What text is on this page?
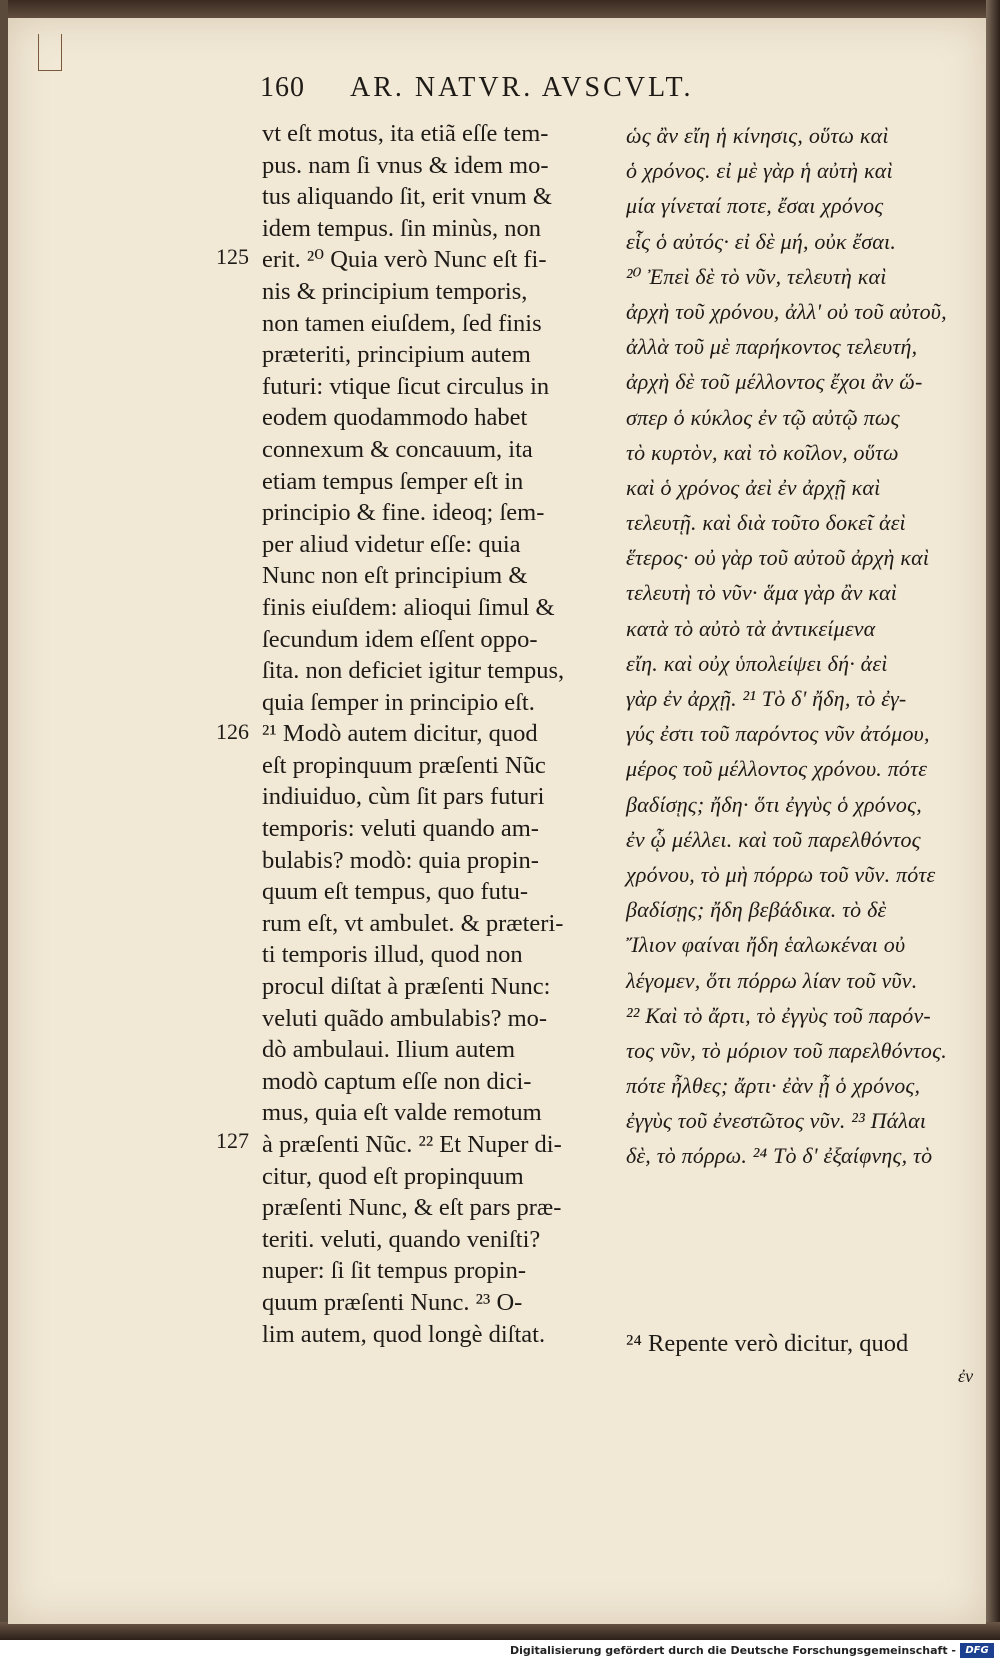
160 AR. NATVR. AVSCVLT.
vt eſt motus, ita etiã eſſe tem-
pus. nam ſi vnus & idem mo-
tus aliquando ſit, erit vnum &
idem tempus. ſin minùs, non
erit. ²⁰ Quia verò Nunc eſt fi-
nis & principium temporis,
non tamen eiuſdem, ſed finis
præteriti, principium autem
futuri: vtique ſicut circulus in
eodem quodammodo habet
connexum & concauum, ita
etiam tempus ſemper eſt in
principio & fine. ideoq; ſem-
per aliud videtur eſſe: quia
Nunc non eſt principium &
finis eiuſdem: alioqui ſimul &
ſecundum idem eſſent oppo-
ſita. non deficiet igitur tempus,
quia ſemper in principio eſt.
²¹ Modò autem dicitur, quod
eſt propinquum præſenti Nũc
indiuiduo, cùm ſit pars futuri
temporis: veluti quando am-
bulabis? modò: quia propin-
quum eſt tempus, quo futu-
rum eſt, vt ambulet. & præteri-
ti temporis illud, quod non
procul diſtat à præſenti Nunc:
veluti quãdo ambulabis? mo-
dò ambulaui. Ilium autem
modò captum eſſe non dici-
mus, quia eſt valde remotum
à præſenti Nũc. ²² Et Nuper di-
citur, quod eſt propinquum
præſenti Nunc, & eſt pars præ-
teriti. veluti, quando veniſti?
nuper: ſi ſit tempus propin-
quum præſenti Nunc. ²³ O-
lim autem, quod longè diſtat.
125
126
127
ὡς ἂν εἴη ἡ κίνησις, οὕτω καὶ
ὁ χρόνος. εἰ μὲ γὰρ ἡ αὐτὴ καὶ
μία γίνεταί ποτε, ἔσαι χρόνος
εἷς ὁ αὐτός· εἰ δὲ μή, οὐκ ἔσαι.
²⁰ Ἐπεὶ δὲ τὸ νῦν, τελευτὴ καὶ
ἀρχὴ τοῦ χρόνου, ἀλλ' οὐ τοῦ αὐτοῦ,
ἀλλὰ τοῦ μὲ παρήκοντος τελευτή,
ἀρχὴ δὲ τοῦ μέλλοντος ἔχοι ἂν ὥ-
σπερ ὁ κύκλος ἐν τῷ αὐτῷ πως
τὸ κυρτὸν, καὶ τὸ κοῖλον, οὕτω
καὶ ὁ χρόνος ἀεὶ ἐν ἀρχῇ καὶ
τελευτῇ. καὶ διὰ τοῦτο δοκεῖ ἀεὶ
ἕτερος· οὐ γὰρ τοῦ αὐτοῦ ἀρχὴ καὶ
τελευτὴ τὸ νῦν· ἅμα γὰρ ἂν καὶ
κατὰ τὸ αὐτὸ τὰ ἀντικείμενα
εἴη. καὶ οὐχ ὑπολείψει δή· ἀεὶ
γὰρ ἐν ἀρχῇ. ²¹ Τὸ δ' ἤδη, τὸ ἐγ-
γύς ἐστι τοῦ παρόντος νῦν ἀτόμου,
μέρος τοῦ μέλλοντος χρόνου. πότε
βαδίσῃς; ἤδη· ὅτι ἐγγὺς ὁ χρόνος,
ἐν ᾧ μέλλει. καὶ τοῦ παρελθόντος
χρόνου, τὸ μὴ πόρρω τοῦ νῦν. πότε
βαδίσῃς; ἤδη βεβάδικα. τὸ δὲ
Ἴλιον φαίναι ἤδη ἑαλωκέναι οὐ
λέγομεν, ὅτι πόρρω λίαν τοῦ νῦν.
²² Καὶ τὸ ἄρτι, τὸ ἐγγὺς τοῦ παρόν-
τος νῦν, τὸ μόριον τοῦ παρελθόντος.
πότε ἦλθες; ἄρτι· ἐὰν ᾖ ὁ χρόνος,
ἐγγὺς τοῦ ἐνεστῶτος νῦν. ²³ Πάλαι
δὲ, τὸ πόρρω. ²⁴ Τὸ δ' ἐξαίφνης, τὸ
²⁴ Repente verò dicitur, quod
ἐν
Digitalisierung gefördert durch die Deutsche Forschungsgemeinschaft - DFG
